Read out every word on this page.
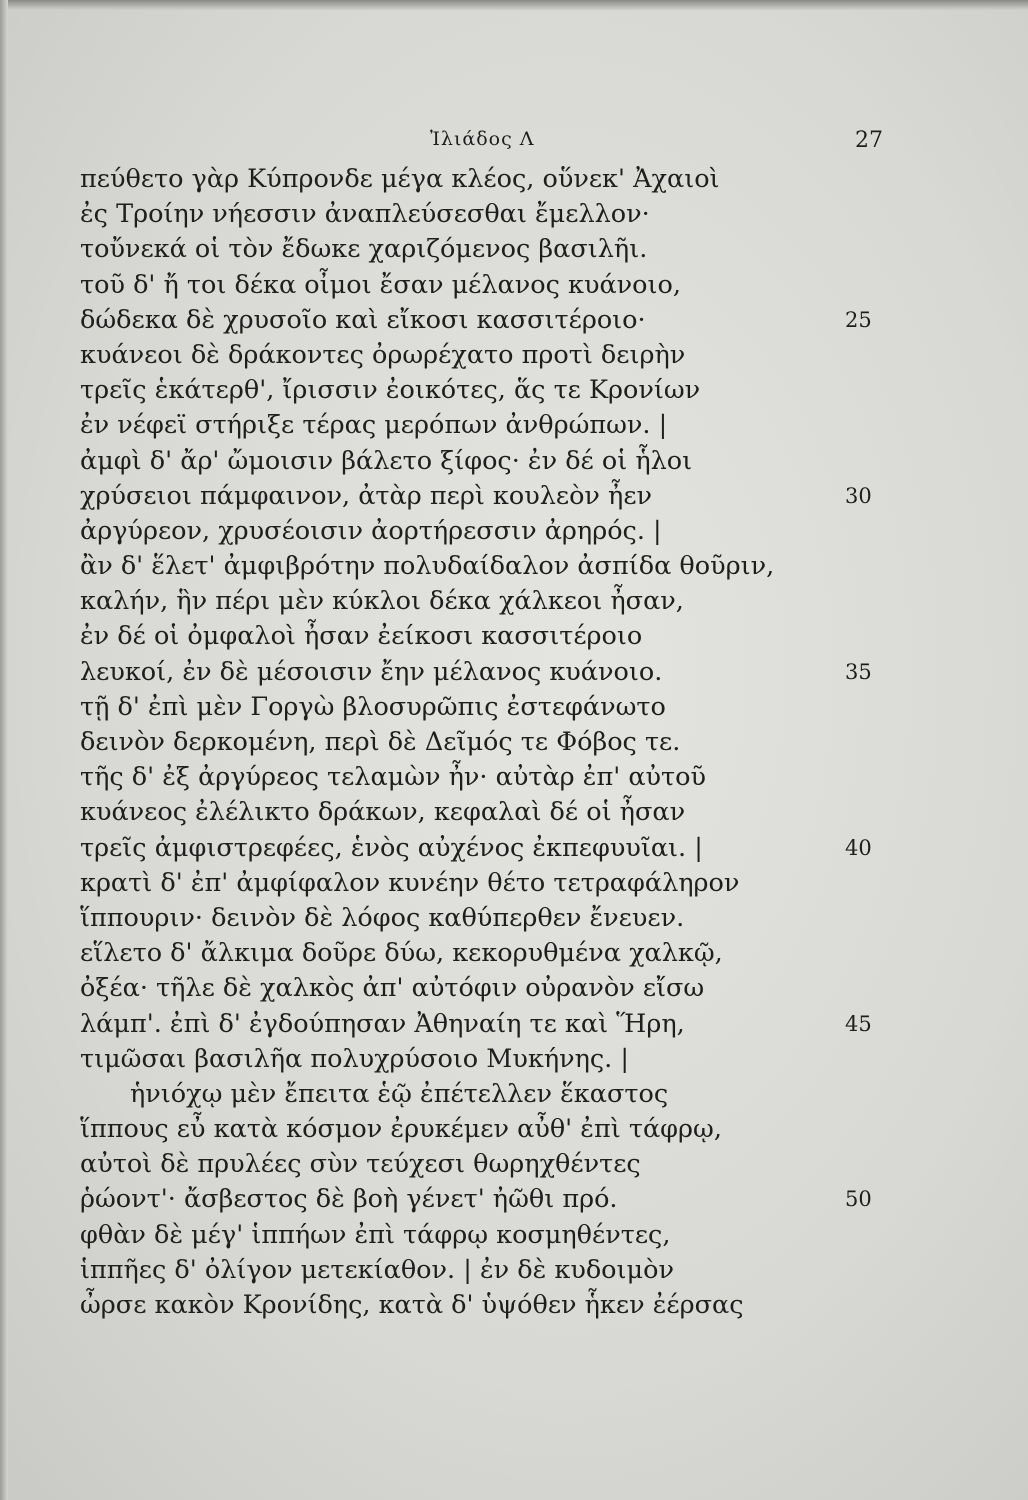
Ἰλιάδος Λ	27
πεύθετο γὰρ Κύπρονδε μέγα κλέος, οὕνεκ' Ἀχαιοὶ
ἐς Τροίην νήεσσιν ἀναπλεύσεσθαι ἔμελλον·
τοὔνεκά οἱ τὸν ἔδωκε χαριζόμενος βασιλῆι.
τοῦ δ' ἤ τοι δέκα οἶμοι ἔσαν μέλανος κυάνοιο,
δώδεκα δὲ χρυσοῖο καὶ εἴκοσι κασσιτέροιο·	25
κυάνεοι δὲ δράκοντες ὀρωρέχατο προτὶ δειρὴν
τρεῖς ἑκάτερθ', ἴρισσιν ἐοικότες, ἅς τε Κρονίων
ἐν νέφεϊ στήριξε τέρας μερόπων ἀνθρώπων. |
ἀμφὶ δ' ἄρ' ὤμοισιν βάλετο ξίφος· ἐν δέ οἱ ἧλοι
χρύσειοι πάμφαινον, ἀτὰρ περὶ κουλεὸν ἦεν	30
ἀργύρεον, χρυσέοισιν ἀορτήρεσσιν ἀρηρός. |
ἂν δ' ἕλετ' ἀμφιβρότην πολυδαίδαλον ἀσπίδα θοῦριν,
καλήν, ἣν πέρι μὲν κύκλοι δέκα χάλκεοι ἦσαν,
ἐν δέ οἱ ὀμφαλοὶ ἦσαν ἐείκοσι κασσιτέροιο
λευκοί, ἐν δὲ μέσοισιν ἔην μέλανος κυάνοιο.	35
τῇ δ' ἐπὶ μὲν Γοργὼ βλοσυρῶπις ἐστεφάνωτο
δεινὸν δερκομένη, περὶ δὲ Δεῖμός τε Φόβος τε.
τῆς δ' ἐξ ἀργύρεος τελαμὼν ἦν· αὐτὰρ ἐπ' αὐτοῦ
κυάνεος ἐλέλικτο δράκων, κεφαλαὶ δέ οἱ ἦσαν
τρεῖς ἀμφιστρεφέες, ἑνὸς αὐχένος ἐκπεφυυῖαι. |	40
κρατὶ δ' ἐπ' ἀμφίφαλον κυνέην θέτο τετραφάληρον
ἵππουριν· δεινὸν δὲ λόφος καθύπερθεν ἔνευεν.
εἵλετο δ' ἄλκιμα δοῦρε δύω, κεκορυθμένα χαλκῷ,
ὀξέα· τῆλε δὲ χαλκὸς ἀπ' αὐτόφιν οὐρανὸν εἴσω
λάμπ'. ἐπὶ δ' ἐγδούπησαν Ἀθηναίη τε καὶ Ἥρη,	45
τιμῶσαι βασιλῆα πολυχρύσοιο Μυκήνης. |
ἡνιόχῳ μὲν ἔπειτα ἑῷ ἐπέτελλεν ἕκαστος
ἵππους εὖ κατὰ κόσμον ἐρυκέμεν αὖθ' ἐπὶ τάφρῳ,
αὐτοὶ δὲ πρυλέες σὺν τεύχεσι θωρηχθέντες
ῥώοντ'· ἄσβεστος δὲ βοὴ γένετ' ἠῶθι πρό.	50
φθὰν δὲ μέγ' ἱππήων ἐπὶ τάφρῳ κοσμηθέντες,
ἱππῆες δ' ὀλίγον μετεκίαθον. | ἐν δὲ κυδοιμὸν
ὦρσε κακὸν Κρονίδης, κατὰ δ' ὑψόθεν ἧκεν ἐέρσας
